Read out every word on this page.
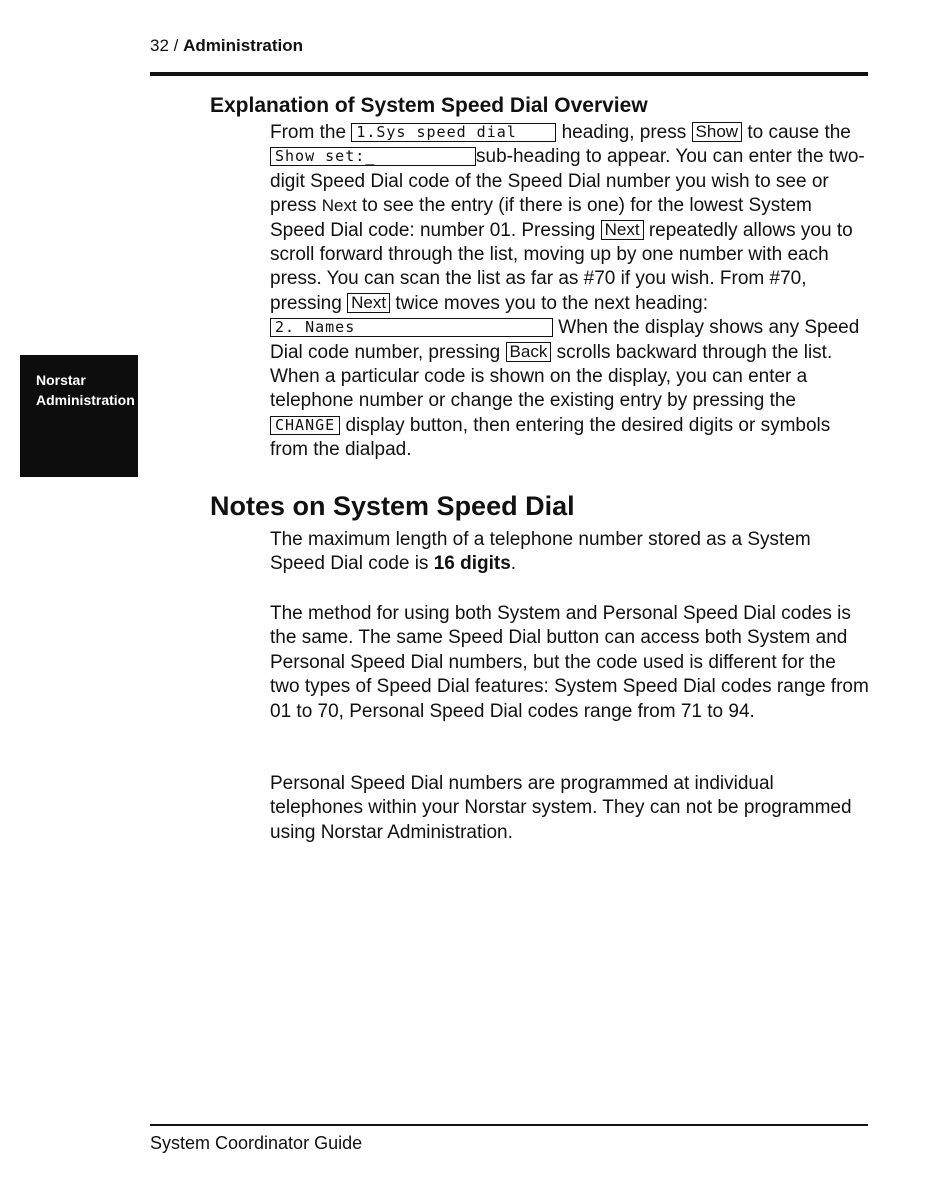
32 / Administration
Norstar
Administration
Explanation of System Speed Dial Overview

From the 1.Sys speed dial heading, press Show to cause the Show set:_	sub-heading to appear. You can enter the two-digit Speed Dial code of the Speed Dial number you wish to see or press Next to see the entry (if there is one) for the lowest System Speed Dial code: number 01. Pressing Next repeatedly allows you to scroll forward through the list, moving up by one number with each press. You can scan the list as far as #70 if you wish. From #70, pressing Next twice moves you to the next heading:2. Names	When the display shows any Speed Dial code number, pressing Back scrolls backward through the list. When a particular code is shown on the display, you can enter a telephone number or change the existing entry by pressing the CHANGE display button, then entering the desired digits or symbols from the dialpad.

Notes on System Speed Dial

The maximum length of a telephone number stored as a System Speed Dial code is 16 digits.

The method for using both System and Personal Speed Dial codes is the same. The same Speed Dial button can access both System and Personal Speed Dial numbers, but the code used is different for the two types of Speed Dial features: System Speed Dial codes range from 01 to 70, Personal Speed Dial codes range from 71 to 94.

Personal Speed Dial numbers are programmed at individual telephones within your Norstar system. They can not be programmed using Norstar Administration.

System Coordinator Guide
